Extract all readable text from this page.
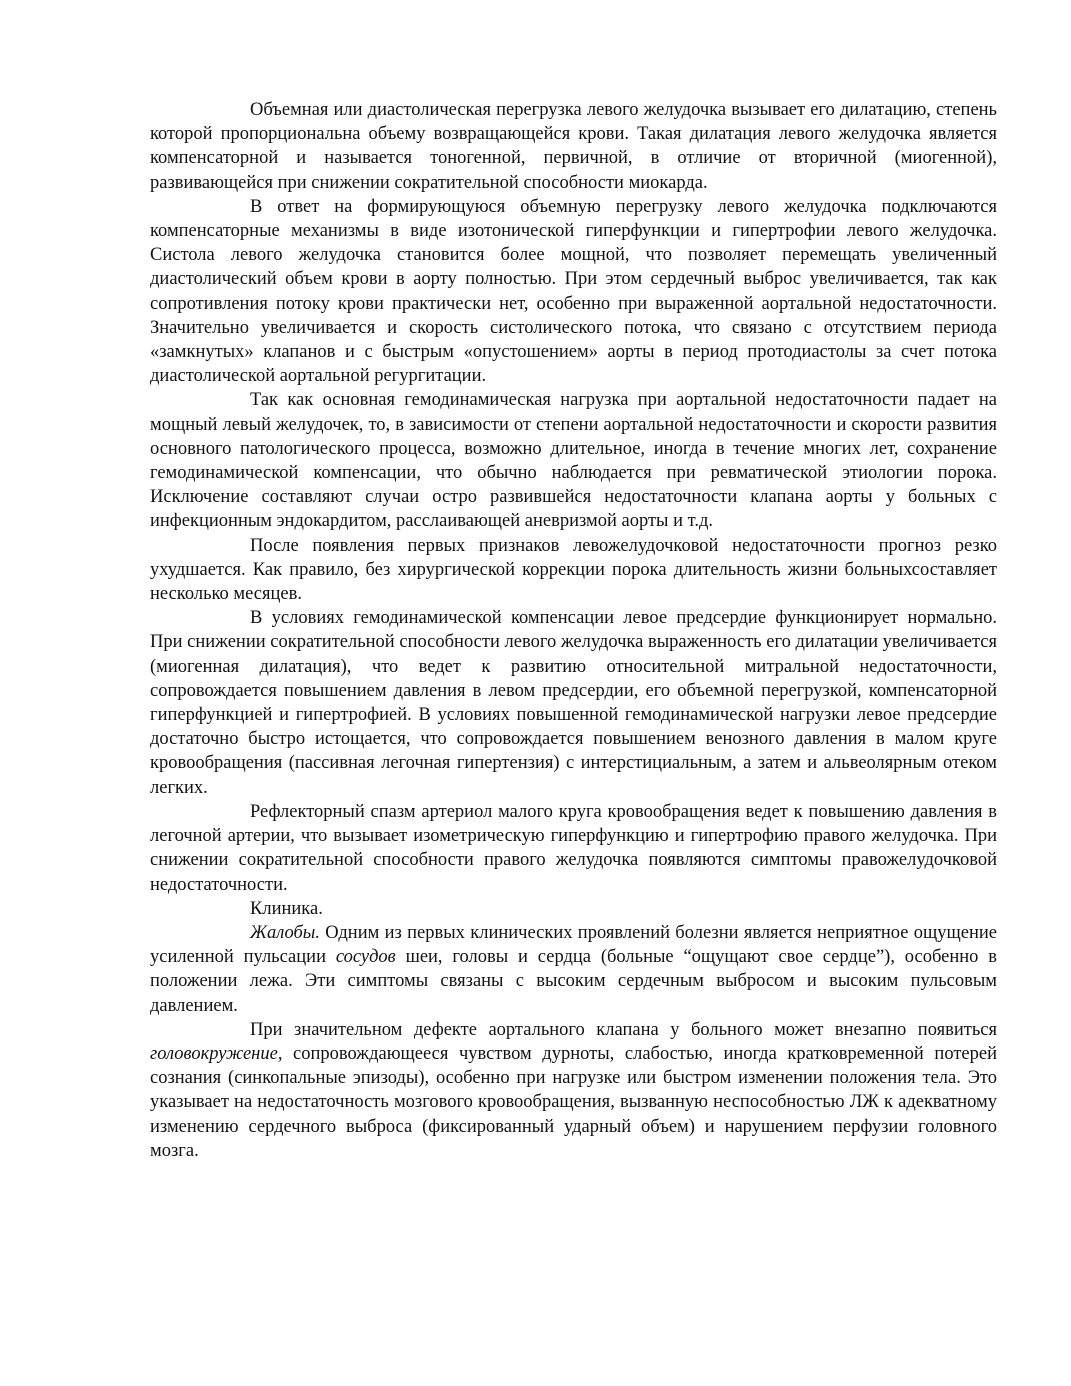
Объемная или диастолическая перегрузка левого желудочка вызывает его дилатацию, степень которой пропорциональна объему возвращающейся крови. Такая дилатация левого желудочка является компенсаторной и называется тоногенной, первичной, в отличие от вторичной (миогенной), развивающейся при снижении сократительной способности миокарда.

В ответ на формирующуюся объемную перегрузку левого желудочка подключаются компенсаторные механизмы в виде изотонической гиперфункции и гипертрофии левого желудочка. Систола левого желудочка становится более мощной, что позволяет перемещать увеличенный диастолический объем крови в аорту полностью. При этом сердечный выброс увеличивается, так как сопротивления потоку крови практически нет, особенно при выраженной аортальной недостаточности. Значительно увеличивается и скорость систолического потока, что связано с отсутствием периода «замкнутых» клапанов и с быстрым «опустошением» аорты в период протодиастолы за счет потока диастолической аортальной регургитации.

Так как основная гемодинамическая нагрузка при аортальной недостаточности падает на мощный левый желудочек, то, в зависимости от степени аортальной недостаточности и скорости развития основного патологического процесса, возможно длительное, иногда в течение многих лет, сохранение гемодинамической компенсации, что обычно наблюдается при ревматической этиологии порока. Исключение составляют случаи остро развившейся недостаточности клапана аорты у больных с инфекционным эндокардитом, расслаивающей аневризмой аорты и т.д.

После появления первых признаков левожелудочковой недостаточности прогноз резко ухудшается. Как правило, без хирургической коррекции порока длительность жизни больныхсоставляет несколько месяцев.

В условиях гемодинамической компенсации левое предсердие функционирует нормально. При снижении сократительной способности левого желудочка выраженность его дилатации увеличивается (миогенная дилатация), что ведет к развитию относительной митральной недостаточности, сопровождается повышением давления в левом предсердии, его объемной перегрузкой, компенсаторной гиперфункцией и гипертрофией. В условиях повышенной гемодинамической нагрузки левое предсердие достаточно быстро истощается, что сопровождается повышением венозного давления в малом круге кровообращения (пассивная легочная гипертензия) с интерстициальным, а затем и альвеолярным отеком легких.

Рефлекторный спазм артериол малого круга кровообращения ведет к повышению давления в легочной артерии, что вызывает изометрическую гиперфункцию и гипертрофию правого желудочка. При снижении сократительной способности правого желудочка появляются симптомы правожелудочковой недостаточности.

Клиника.

Жалобы. Одним из первых клинических проявлений болезни является неприятное ощущение усиленной пульсации сосудов шеи, головы и сердца (больные “ощущают свое сердце”), особенно в положении лежа. Эти симптомы связаны с высоким сердечным выбросом и высоким пульсовым давлением.

При значительном дефекте аортального клапана у больного может внезапно появиться головокружение, сопровождающееся чувством дурноты, слабостью, иногда кратковременной потерей сознания (синкопальные эпизоды), особенно при нагрузке или быстром изменении положения тела. Это указывает на недостаточность мозгового кровообращения, вызванную неспособностью ЛЖ к адекватному изменению сердечного выброса (фиксированный ударный объем) и нарушением перфузии головного мозга.
